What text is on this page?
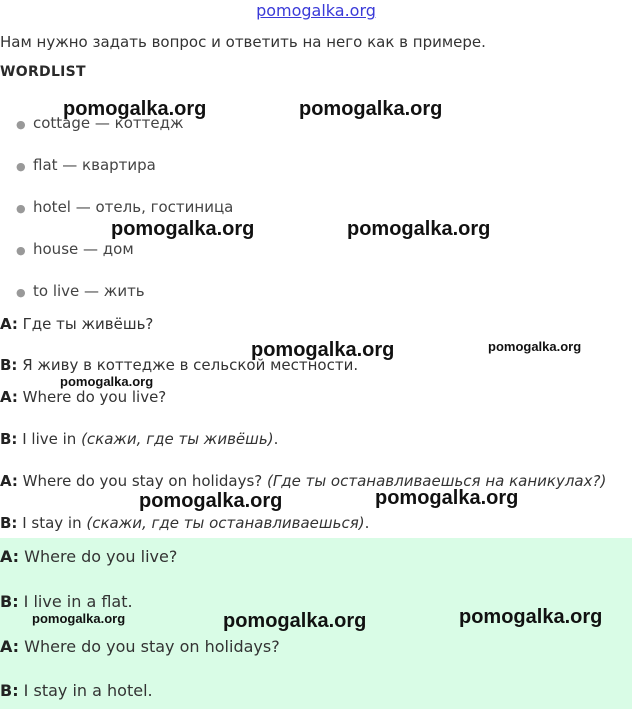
pomogalka.org
Нам нужно задать вопрос и ответить на него как в примере.
WORDLIST
● cottage — коттедж
● flat — квартира
● hotel — отель, гостиница
● house — дом
● to live — жить
A: Где ты живёшь?
B: Я живу в коттедже в сельской местности.
A: Where do you live?
B: I live in (скажи, где ты живёшь).
A: Where do you stay on holidays? (Где ты останавливаешься на каникулах?)
B: I stay in (скажи, где ты останавливаешься).
A: Where do you live?
B: I live in a flat.
A: Where do you stay on holidays?
B: I stay in a hotel.
pomogalka.org	pomogalka.org
pomogalka.org	pomogalka.org
pomogalka.org	pomogalka.org
pomogalka.org
pomogalka.org	pomogalka.org
pomogalka.org	pomogalka.org	pomogalka.org
